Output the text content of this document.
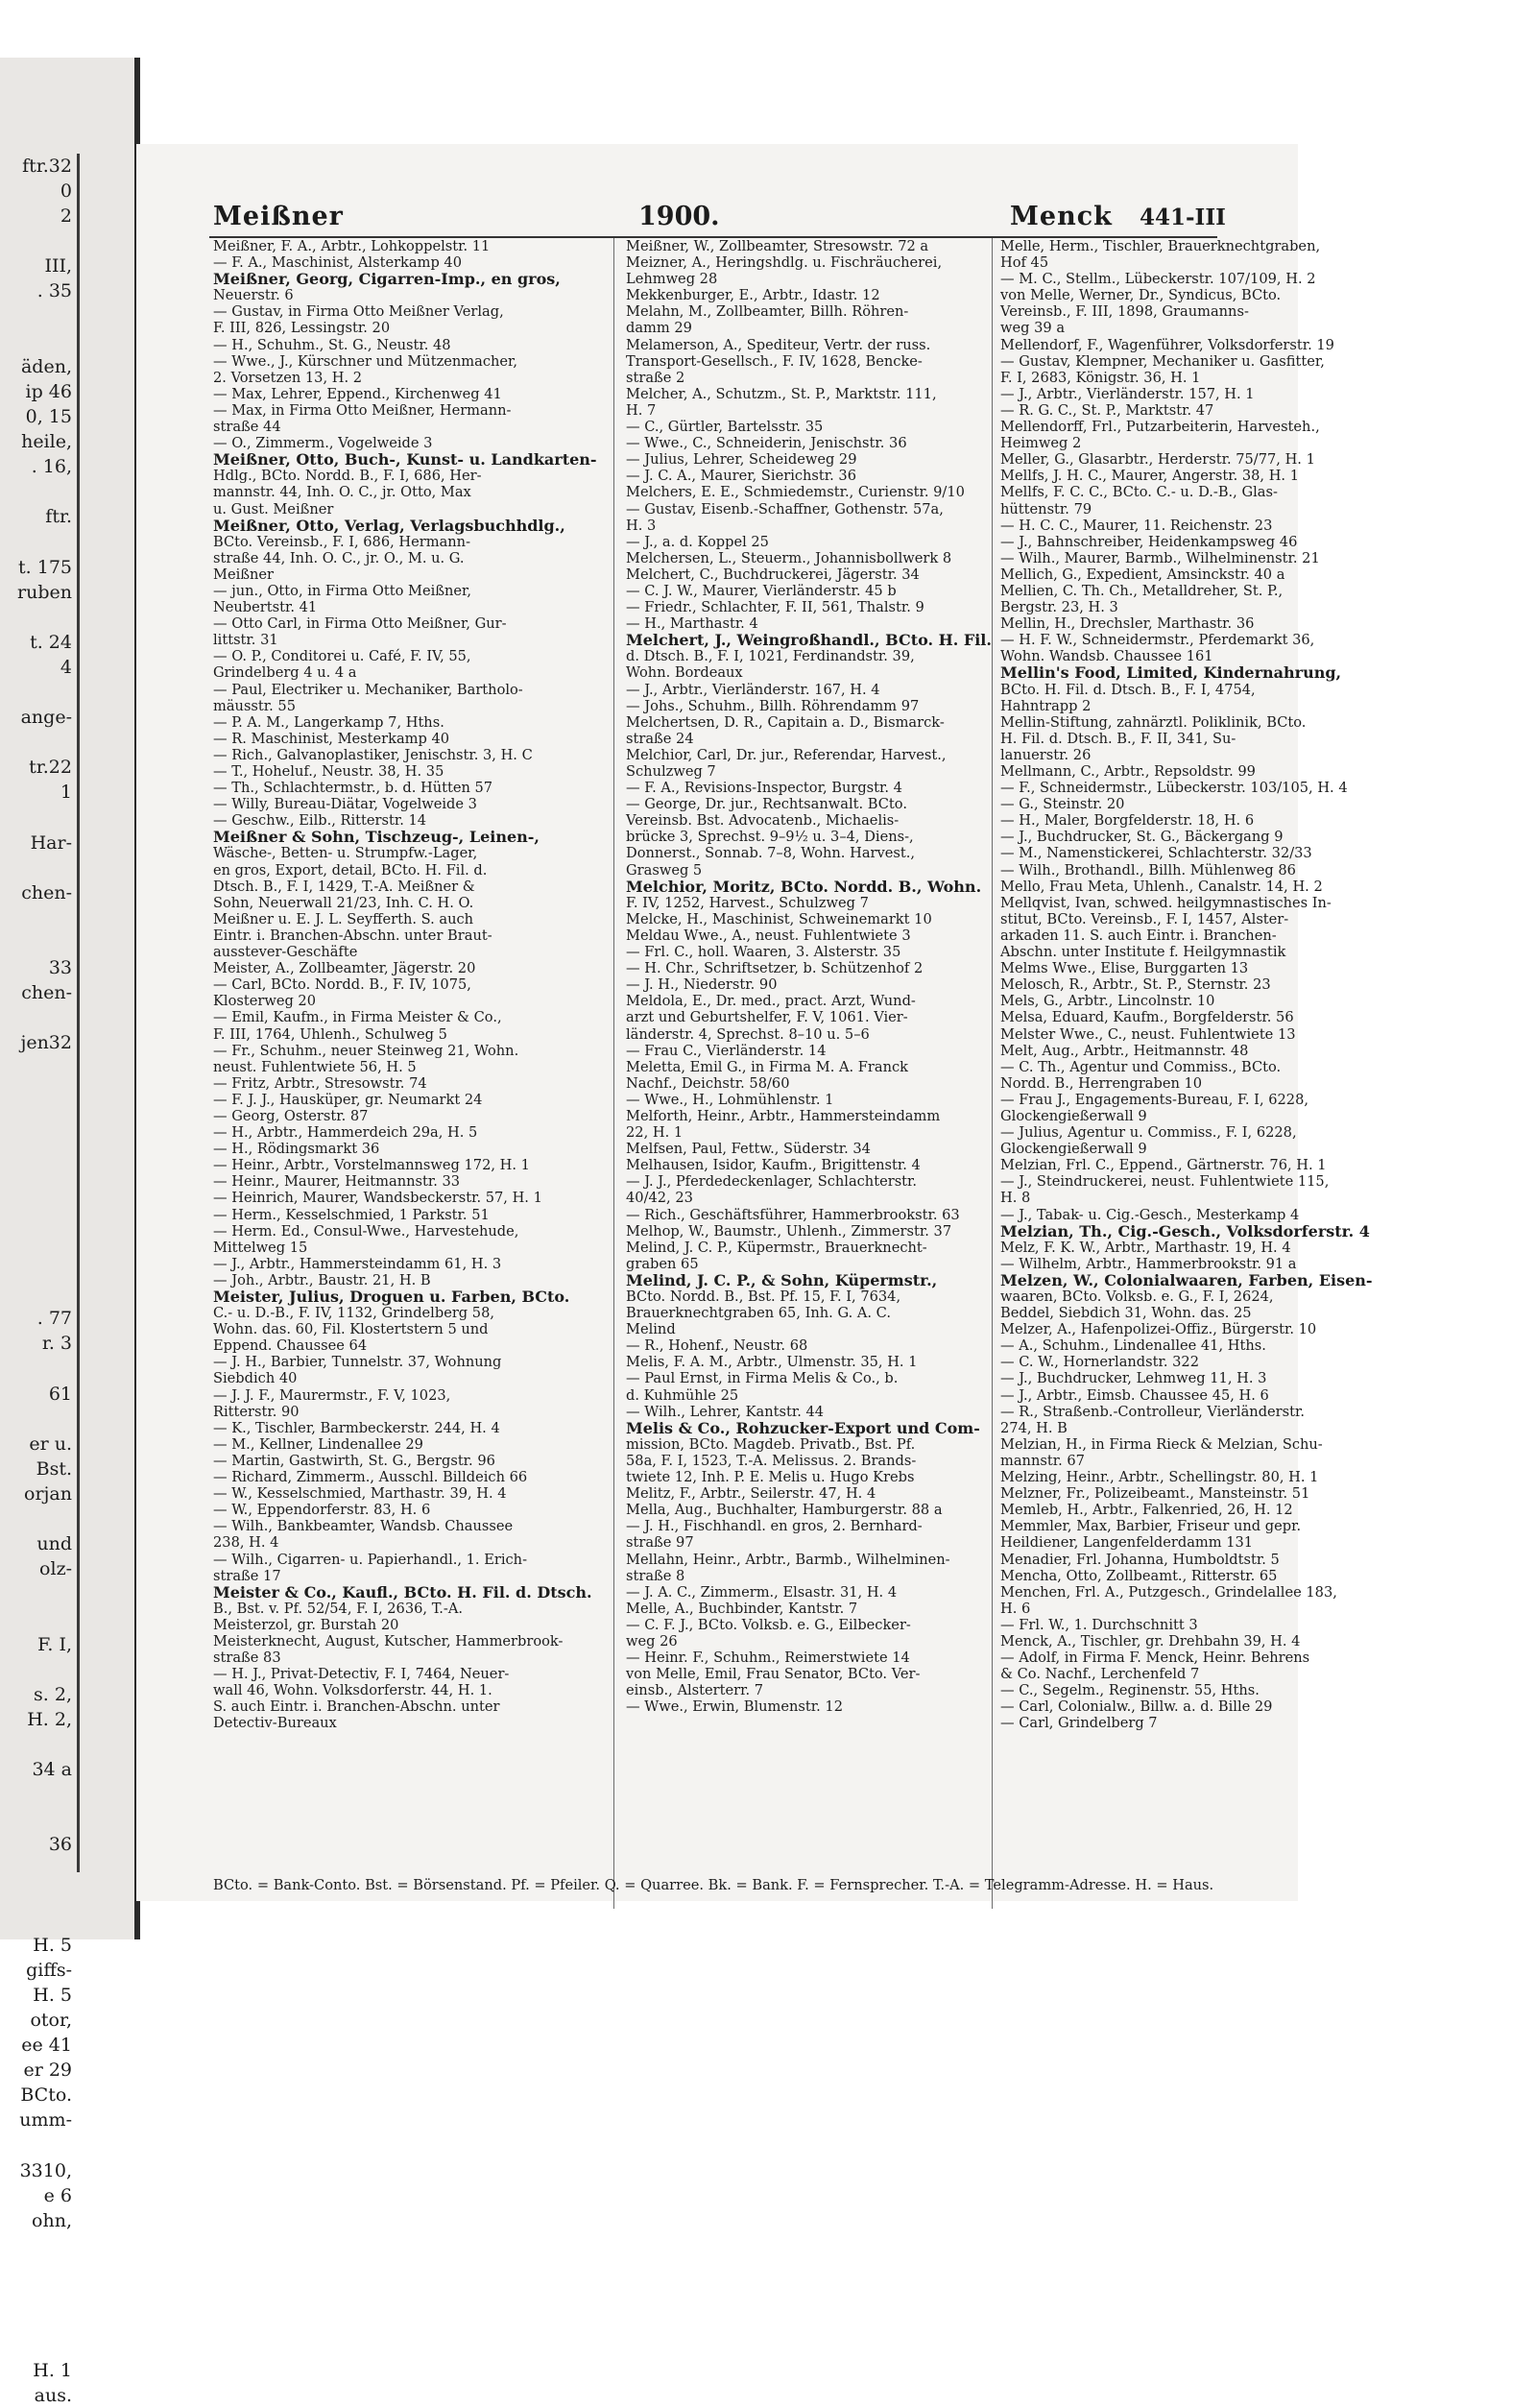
ftr.32
0
2

III,
. 35

äden,
ip 46
0, 15
heile,
. 16,

ftr.

t. 175
ruben

t. 24
4

ange-

tr.22
1

Har-

chen-

33
chen-

jen32

. 77
r. 3

61

er u.
Bst.
orjan

und
olz-

F. I,

s. 2,
H. 2,

34 a

36

H. 5
giffs-
H. 5
otor,
ee 41
er 29
BCto.
umm-

3310,
e 6
ohn,

H. 1
aus.
Meißner	1900.	Menck 441-III
Meißner, F. A., Arbtr., Lohkoppelstr. 11
— F. A., Maschinist, Alsterkamp 40
Meißner, Georg, Cigarren-Imp., en gros,
Neuerstr. 6
— Gustav, in Firma Otto Meißner Verlag,
F. III, 826, Lessingstr. 20
— H., Schuhm., St. G., Neustr. 48
— Wwe., J., Kürschner und Mützenmacher,
2. Vorsetzen 13, H. 2
— Max, Lehrer, Eppend., Kirchenweg 41
— Max, in Firma Otto Meißner, Hermann-
straße 44
— O., Zimmerm., Vogelweide 3
Meißner, Otto, Buch-, Kunst- u. Landkarten-
Hdlg., BCto. Nordd. B., F. I, 686, Her-
mannstr. 44, Inh. O. C., jr. Otto, Max
u. Gust. Meißner
Meißner, Otto, Verlag, Verlagsbuchhdlg.,
BCto. Vereinsb., F. I, 686, Hermann-
straße 44, Inh. O. C., jr. O., M. u. G.
Meißner
— jun., Otto, in Firma Otto Meißner,
Neubertstr. 41
— Otto Carl, in Firma Otto Meißner, Gur-
littstr. 31
— O. P., Conditorei u. Café, F. IV, 55,
Grindelberg 4 u. 4 a
— Paul, Electriker u. Mechaniker, Bartholo-
mäusstr. 55
— P. A. M., Langerkamp 7, Hths.
— R. Maschinist, Mesterkamp 40
— Rich., Galvanoplastiker, Jenischstr. 3, H. C
— T., Hoheluf., Neustr. 38, H. 35
— Th., Schlachtermstr., b. d. Hütten 57
— Willy, Bureau-Diätar, Vogelweide 3
— Geschw., Eilb., Ritterstr. 14
Meißner & Sohn, Tischzeug-, Leinen-,
Wäsche-, Betten- u. Strumpfw.-Lager,
en gros, Export, detail, BCto. H. Fil. d.
Dtsch. B., F. I, 1429, T.-A. Meißner &
Sohn, Neuerwall 21/23, Inh. C. H. O.
Meißner u. E. J. L. Seyfferth. S. auch
Eintr. i. Branchen-Abschn. unter Braut-
ausstever-Geschäfte
Meister, A., Zollbeamter, Jägerstr. 20
— Carl, BCto. Nordd. B., F. IV, 1075,
Klosterweg 20
— Emil, Kaufm., in Firma Meister & Co.,
F. III, 1764, Uhlenh., Schulweg 5
— Fr., Schuhm., neuer Steinweg 21, Wohn.
neust. Fuhlentwiete 56, H. 5
— Fritz, Arbtr., Stresowstr. 74
— F. J. J., Hausküper, gr. Neumarkt 24
— Georg, Osterstr. 87
— H., Arbtr., Hammerdeich 29a, H. 5
— H., Rödingsmarkt 36
— Heinr., Arbtr., Vorstelmannsweg 172, H. 1
— Heinr., Maurer, Heitmannstr. 33
— Heinrich, Maurer, Wandsbeckerstr. 57, H. 1
— Herm., Kesselschmied, 1 Parkstr. 51
— Herm. Ed., Consul-Wwe., Harvestehude,
Mittelweg 15
— J., Arbtr., Hammersteindamm 61, H. 3
— Joh., Arbtr., Baustr. 21, H. B
Meister, Julius, Droguen u. Farben, BCto.
C.- u. D.-B., F. IV, 1132, Grindelberg 58,
Wohn. das. 60, Fil. Klostertstern 5 und
Eppend. Chaussee 64
— J. H., Barbier, Tunnelstr. 37, Wohnung
Siebdich 40
— J. J. F., Maurermstr., F. V, 1023,
Ritterstr. 90
— K., Tischler, Barmbeckerstr. 244, H. 4
— M., Kellner, Lindenallee 29
— Martin, Gastwirth, St. G., Bergstr. 96
— Richard, Zimmerm., Ausschl. Billdeich 66
— W., Kesselschmied, Marthastr. 39, H. 4
— W., Eppendorferstr. 83, H. 6
— Wilh., Bankbeamter, Wandsb. Chaussee
238, H. 4
— Wilh., Cigarren- u. Papierhandl., 1. Erich-
straße 17
Meister & Co., Kaufl., BCto. H. Fil. d. Dtsch.
B., Bst. v. Pf. 52/54, F. I, 2636, T.-A.
Meisterzol, gr. Burstah 20
Meisterknecht, August, Kutscher, Hammerbrook-
straße 83
— H. J., Privat-Detectiv, F. I, 7464, Neuer-
wall 46, Wohn. Volksdorferstr. 44, H. 1.
S. auch Eintr. i. Branchen-Abschn. unter
Detectiv-Bureaux
Meißner, W., Zollbeamter, Stresowstr. 72 a
Meizner, A., Heringshdlg. u. Fischräucherei,
Lehmweg 28
Mekkenburger, E., Arbtr., Idastr. 12
Melahn, M., Zollbeamter, Billh. Röhren-
damm 29
Melamerson, A., Spediteur, Vertr. der russ.
Transport-Gesellsch., F. IV, 1628, Bencke-
straße 2
Melcher, A., Schutzm., St. P., Marktstr. 111,
H. 7
— C., Gürtler, Bartelsstr. 35
— Wwe., C., Schneiderin, Jenischstr. 36
— Julius, Lehrer, Scheideweg 29
— J. C. A., Maurer, Sierichstr. 36
Melchers, E. E., Schmiedemstr., Curienstr. 9/10
— Gustav, Eisenb.-Schaffner, Gothenstr. 57a,
H. 3
— J., a. d. Koppel 25
Melchersen, L., Steuerm., Johannisbollwerk 8
Melchert, C., Buchdruckerei, Jägerstr. 34
— C. J. W., Maurer, Vierländerstr. 45 b
— Friedr., Schlachter, F. II, 561, Thalstr. 9
— H., Marthastr. 4
Melchert, J., Weingroßhandl., BCto. H. Fil.
d. Dtsch. B., F. I, 1021, Ferdinandstr. 39,
Wohn. Bordeaux
— J., Arbtr., Vierländerstr. 167, H. 4
— Johs., Schuhm., Billh. Röhrendamm 97
Melchertsen, D. R., Capitain a. D., Bismarck-
straße 24
Melchior, Carl, Dr. jur., Referendar, Harvest.,
Schulzweg 7
— F. A., Revisions-Inspector, Burgstr. 4
— George, Dr. jur., Rechtsanwalt. BCto.
Vereinsb. Bst. Advocatenb., Michaelis-
brücke 3, Sprechst. 9–9½ u. 3–4, Diens-,
Donnerst., Sonnab. 7–8, Wohn. Harvest.,
Grasweg 5
Melchior, Moritz, BCto. Nordd. B., Wohn.
F. IV, 1252, Harvest., Schulzweg 7
Melcke, H., Maschinist, Schweinemarkt 10
Meldau Wwe., A., neust. Fuhlentwiete 3
— Frl. C., holl. Waaren, 3. Alsterstr. 35
— H. Chr., Schriftsetzer, b. Schützenhof 2
— J. H., Niederstr. 90
Meldola, E., Dr. med., pract. Arzt, Wund-
arzt und Geburtshelfer, F. V, 1061. Vier-
länderstr. 4, Sprechst. 8–10 u. 5–6
— Frau C., Vierländerstr. 14
Meletta, Emil G., in Firma M. A. Franck
Nachf., Deichstr. 58/60
— Wwe., H., Lohmühlenstr. 1
Melforth, Heinr., Arbtr., Hammersteindamm
22, H. 1
Melfsen, Paul, Fettw., Süderstr. 34
Melhausen, Isidor, Kaufm., Brigittenstr. 4
— J. J., Pferdedeckenlager, Schlachterstr.
40/42, 23
— Rich., Geschäftsführer, Hammerbrookstr. 63
Melhop, W., Baumstr., Uhlenh., Zimmerstr. 37
Melind, J. C. P., Küpermstr., Brauerknecht-
graben 65
Melind, J. C. P., & Sohn, Küpermstr.,
BCto. Nordd. B., Bst. Pf. 15, F. I, 7634,
Brauerknechtgraben 65, Inh. G. A. C.
Melind
— R., Hohenf., Neustr. 68
Melis, F. A. M., Arbtr., Ulmenstr. 35, H. 1
— Paul Ernst, in Firma Melis & Co., b.
d. Kuhmühle 25
— Wilh., Lehrer, Kantstr. 44
Melis & Co., Rohzucker-Export und Com-
mission, BCto. Magdeb. Privatb., Bst. Pf.
58a, F. I, 1523, T.-A. Melissus. 2. Brands-
twiete 12, Inh. P. E. Melis u. Hugo Krebs
Melitz, F., Arbtr., Seilerstr. 47, H. 4
Mella, Aug., Buchhalter, Hamburgerstr. 88 a
— J. H., Fischhandl. en gros, 2. Bernhard-
straße 97
Mellahn, Heinr., Arbtr., Barmb., Wilhelminen-
straße 8
— J. A. C., Zimmerm., Elsastr. 31, H. 4
Melle, A., Buchbinder, Kantstr. 7
— C. F. J., BCto. Volksb. e. G., Eilbecker-
weg 26
— Heinr. F., Schuhm., Reimerstwiete 14
von Melle, Emil, Frau Senator, BCto. Ver-
einsb., Alsterterr. 7
— Wwe., Erwin, Blumenstr. 12
Melle, Herm., Tischler, Brauerknechtgraben,
Hof 45
— M. C., Stellm., Lübeckerstr. 107/109, H. 2
von Melle, Werner, Dr., Syndicus, BCto.
Vereinsb., F. III, 1898, Graumanns-
weg 39 a
Mellendorf, F., Wagenführer, Volksdorferstr. 19
— Gustav, Klempner, Mechaniker u. Gasfitter,
F. I, 2683, Königstr. 36, H. 1
— J., Arbtr., Vierländerstr. 157, H. 1
— R. G. C., St. P., Marktstr. 47
Mellendorff, Frl., Putzarbeiterin, Harvesteh.,
Heimweg 2
Meller, G., Glasarbtr., Herderstr. 75/77, H. 1
Mellfs, J. H. C., Maurer, Angerstr. 38, H. 1
Mellfs, F. C. C., BCto. C.- u. D.-B., Glas-
hüttenstr. 79
— H. C. C., Maurer, 11. Reichenstr. 23
— J., Bahnschreiber, Heidenkampsweg 46
— Wilh., Maurer, Barmb., Wilhelminenstr. 21
Mellich, G., Expedient, Amsinckstr. 40 a
Mellien, C. Th. Ch., Metalldreher, St. P.,
Bergstr. 23, H. 3
Mellin, H., Drechsler, Marthastr. 36
— H. F. W., Schneidermstr., Pferdemarkt 36,
Wohn. Wandsb. Chaussee 161
Mellin's Food, Limited, Kindernahrung,
BCto. H. Fil. d. Dtsch. B., F. I, 4754,
Hahntrapp 2
Mellin-Stiftung, zahnärztl. Poliklinik, BCto.
H. Fil. d. Dtsch. B., F. II, 341, Su-
lanuerstr. 26
Mellmann, C., Arbtr., Repsoldstr. 99
— F., Schneidermstr., Lübeckerstr. 103/105, H. 4
— G., Steinstr. 20
— H., Maler, Borgfelderstr. 18, H. 6
— J., Buchdrucker, St. G., Bäckergang 9
— M., Namenstickerei, Schlachterstr. 32/33
— Wilh., Brothandl., Billh. Mühlenweg 86
Mello, Frau Meta, Uhlenh., Canalstr. 14, H. 2
Mellqvist, Ivan, schwed. heilgymnastisches In-
stitut, BCto. Vereinsb., F. I, 1457, Alster-
arkaden 11. S. auch Eintr. i. Branchen-
Abschn. unter Institute f. Heilgymnastik
Melms Wwe., Elise, Burggarten 13
Melosch, R., Arbtr., St. P., Sternstr. 23
Mels, G., Arbtr., Lincolnstr. 10
Melsa, Eduard, Kaufm., Borgfelderstr. 56
Melster Wwe., C., neust. Fuhlentwiete 13
Melt, Aug., Arbtr., Heitmannstr. 48
— C. Th., Agentur und Commiss., BCto.
Nordd. B., Herrengraben 10
— Frau J., Engagements-Bureau, F. I, 6228,
Glockengießerwall 9
— Julius, Agentur u. Commiss., F. I, 6228,
Glockengießerwall 9
Melzian, Frl. C., Eppend., Gärtnerstr. 76, H. 1
— J., Steindruckerei, neust. Fuhlentwiete 115,
H. 8
— J., Tabak- u. Cig.-Gesch., Mesterkamp 4
Melzian, Th., Cig.-Gesch., Volksdorferstr. 4
Melz, F. K. W., Arbtr., Marthastr. 19, H. 4
— Wilhelm, Arbtr., Hammerbrookstr. 91 a
Melzen, W., Colonialwaaren, Farben, Eisen-
waaren, BCto. Volksb. e. G., F. I, 2624,
Beddel, Siebdich 31, Wohn. das. 25
Melzer, A., Hafenpolizei-Offiz., Bürgerstr. 10
— A., Schuhm., Lindenallee 41, Hths.
— C. W., Hornerlandstr. 322
— J., Buchdrucker, Lehmweg 11, H. 3
— J., Arbtr., Eimsb. Chaussee 45, H. 6
— R., Straßenb.-Controlleur, Vierländerstr.
274, H. B
Melzian, H., in Firma Rieck & Melzian, Schu-
mannstr. 67
Melzing, Heinr., Arbtr., Schellingstr. 80, H. 1
Melzner, Fr., Polizeibeamt., Mansteinstr. 51
Memleb, H., Arbtr., Falkenried, 26, H. 12
Memmler, Max, Barbier, Friseur und gepr.
Heildiener, Langenfelderdamm 131
Menadier, Frl. Johanna, Humboldtstr. 5
Mencha, Otto, Zollbeamt., Ritterstr. 65
Menchen, Frl. A., Putzgesch., Grindelallee 183,
H. 6
— Frl. W., 1. Durchschnitt 3
Menck, A., Tischler, gr. Drehbahn 39, H. 4
— Adolf, in Firma F. Menck, Heinr. Behrens
& Co. Nachf., Lerchenfeld 7
— C., Segelm., Reginenstr. 55, Hths.
— Carl, Colonialw., Billw. a. d. Bille 29
— Carl, Grindelberg 7
BCto. = Bank-Conto. Bst. = Börsenstand. Pf. = Pfeiler. Q. = Quarree. Bk. = Bank. F. = Fernsprecher. T.-A. = Telegramm-Adresse. H. = Haus.
